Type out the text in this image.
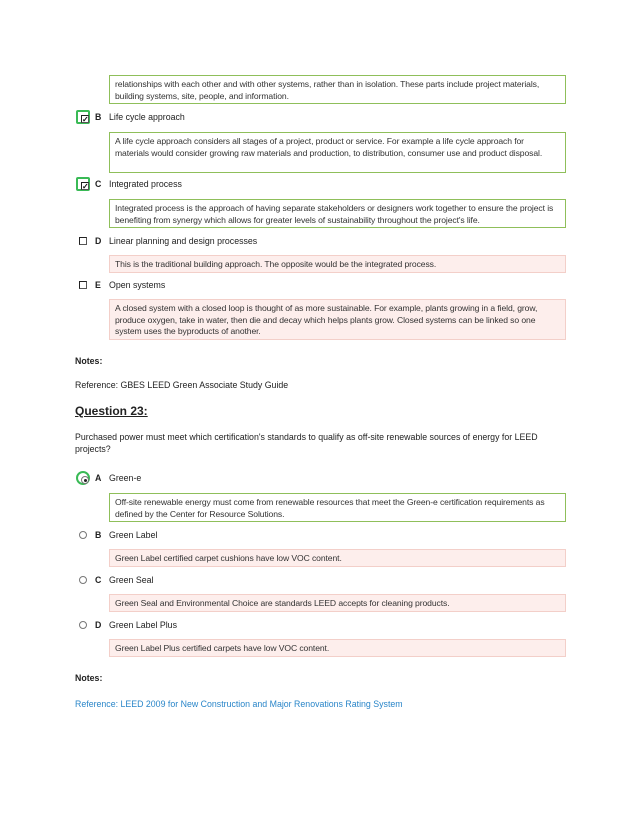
relationships with each other and with other systems, rather than in isolation. These parts include project materials, building systems, site, people, and information.
✓ B Life cycle approach
A life cycle approach considers all stages of a project, product or service. For example a life cycle approach for materials would consider growing raw materials and production, to distribution, consumer use and product disposal.
✓ C Integrated process
Integrated process is the approach of having separate stakeholders or designers work together to ensure the project is benefiting from synergy which allows for greater levels of sustainability throughout the project's life.
D Linear planning and design processes
This is the traditional building approach. The opposite would be the integrated process.
E Open systems
A closed system with a closed loop is thought of as more sustainable. For example, plants growing in a field, grow, produce oxygen, take in water, then die and decay which helps plants grow. Closed systems can be linked so one system uses the byproducts of another.
Notes:
Reference: GBES LEED Green Associate Study Guide
Question 23:
Purchased power must meet which certification's standards to qualify as off-site renewable sources of energy for LEED projects?
A Green-e
Off-site renewable energy must come from renewable resources that meet the Green-e certification requirements as defined by the Center for Resource Solutions.
B Green Label
Green Label certified carpet cushions have low VOC content.
C Green Seal
Green Seal and Environmental Choice are standards LEED accepts for cleaning products.
D Green Label Plus
Green Label Plus certified carpets have low VOC content.
Notes:
Reference: LEED 2009 for New Construction and Major Renovations Rating System
